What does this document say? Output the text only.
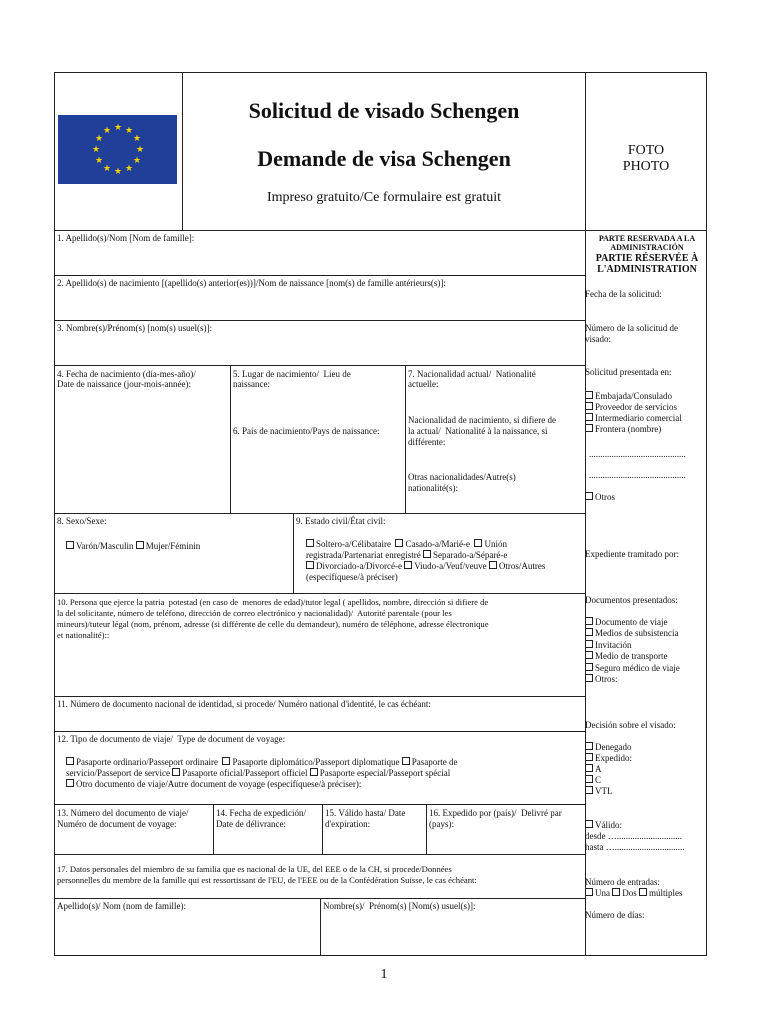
★ ★
★
★
★
★
★
★
★
★
★
★
Solicitud de visado Schengen
Demande de visa Schengen
Impreso gratuito/Ce formulaire est gratuit
FOTO
PHOTO
1. Apellido(s)/Nom [Nom de famille]:
2. Apellido(s) de nacimiento [(apellido(s) anterior(es))]/Nom de naissance [nom(s) de famille antérieurs(s)]:
3. Nombre(s)/Prénom(s) [nom(s) usuel(s)]:
4. Fecha de nacimiento (día-mes-año)/
Date de naissance (jour-mois-année):
5. Lugar de nacimiento/  Lieu de
naissance:
6. País de nacimiento/Pays de naissance:
7. Nacionalidad actual/  Nationalité
actuelle:
Nacionalidad de nacimiento, si difiere de
la actual/  Nationalité à la naissance, si
différente:
Otras nacionalidades/Autre(s)
nationalité(s):
8. Sexo/Sexe:
Varón/Masculin Mujer/Féminin
9. Estado civil/État civil:
Soltero-a/Célibataire Casado-a/Marié-e Unión
registrada/Partenariat enregistré Separado-a/Séparé-e
Divorciado-a/Divorcé-e Viudo-a/Veuf/veuve Otros/Autres
(especifíquese/à préciser)
10. Persona que ejerce la patria  potestad (en caso de  menores de edad)/tutor legal ( apellidos, nombre, dirección si difiere de
la del solicitante, número de teléfono, dirección de correo electrónico y nacionalidad)/  Autorité parentale (pour les
mineurs)/tuteur légal (nom, prénom, adresse (si différente de celle du demandeur), numéro de téléphone, adresse électronique
et nationalité)::
11. Número de documento nacional de identidad, si procede/ Numéro national d'identité, le cas échéant:
12. Tipo de documento de viaje/  Type de document de voyage:
Pasaporte ordinario/Passeport ordinaire Pasaporte diplomático/Passeport diplomatique Pasaporte de
servicio/Passeport de service Pasaporte oficial/Passeport officiel Pasaporte especial/Passeport spécial
Otro documento de viaje/Autre document de voyage (especifíquese/à préciser):
13. Número del documento de viaje/
Numéro de document de voyage:
14. Fecha de expedición/
Date de délivrance:
15. Válido hasta/ Date
d'expiration:
16. Expedido por (país)/  Delivré par
(pays):
17. Datos personales del miembro de su familia que es nacional de la UE, del EEE o de la CH, si procede/Données
personnelles du membre de la famille qui est ressortissant de l'EU, de l'EEE ou de la Confédération Suisse, le cas échéant:
Apellido(s)/ Nom (nom de famille):	Nombre(s)/  Prénom(s) [Nom(s) usuel(s)]:
PARTE RESERVADA A LA
ADMINISTRACIÓN
PARTIE RÉSERVÉE À
L'ADMINISTRATION
Fecha de la solicitud:
Número de la solicitud de
visado:
Solicitud presentada en:
Embajada/Consulado
Proveedor de servicios
Intermediario comercial
Frontera (nombre)
...........................................
...........................................
Otros
Expediente tramitado por:
Documentos presentados:
Documento de viaje
Medios de subsistencia
Invitación
Medio de transporte
Seguro médico de viaje
Otros:
Decisión sobre el visado:
Denegado
Expedido:
A
C
VTL
Válido:
desde ….............................
hasta …...............................
Número de entradas:
Una Dos múltiples
Número de días:
1
